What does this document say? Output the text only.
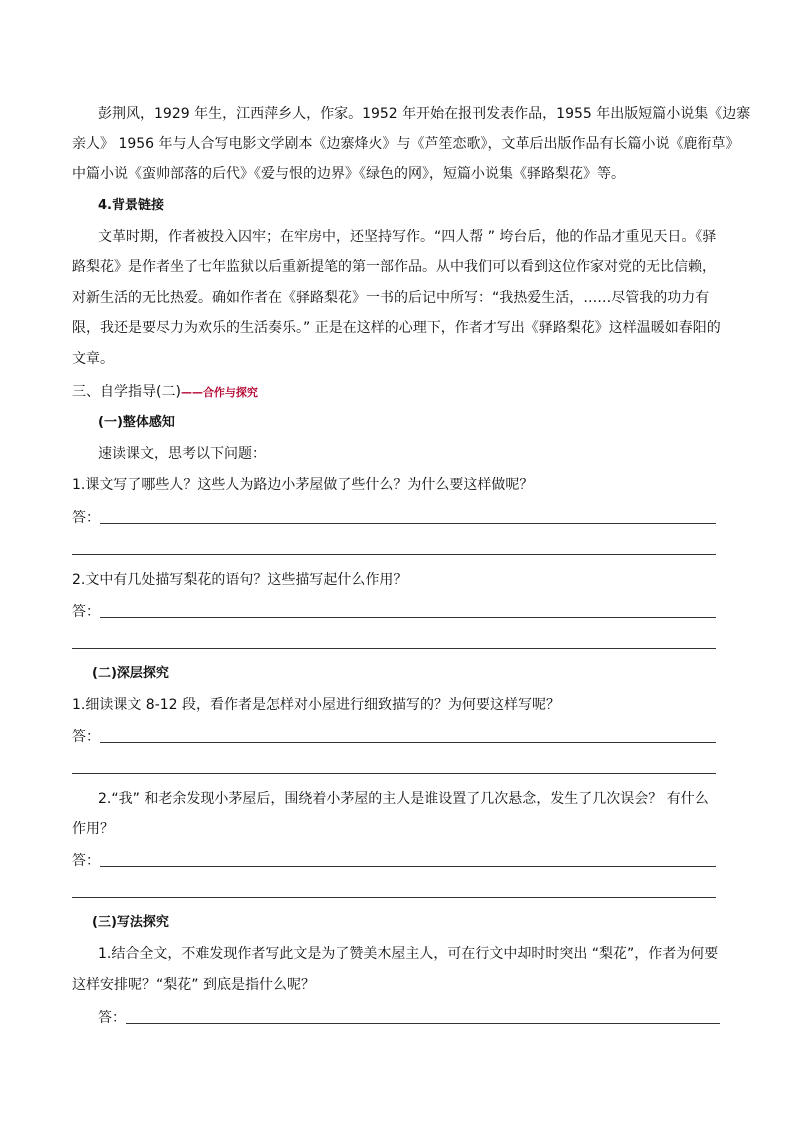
彭荆风，1929 年生，江西萍乡人，作家。1952 年开始在报刊发表作品，1955 年出版短篇小说集《边寨
亲人》 1956 年与人合写电影文学剧本《边寨烽火》与《芦笙恋歌》，文革后出版作品有长篇小说《鹿衔草》
中篇小说《蛮帅部落的后代》《爱与恨的边界》《绿色的网》，短篇小说集《驿路梨花》等。
4.背景链接
文革时期，作者被投入囚牢；在牢房中，还坚持写作。“四人帮 ” 垮台后，他的作品才重见天日。《驿
路梨花》是作者坐了七年监狱以后重新提笔的第一部作品。从中我们可以看到这位作家对党的无比信赖，
对新生活的无比热爱。确如作者在《驿路梨花》一书的后记中所写：“我热爱生活，……尽管我的功力有
限，我还是要尽力为欢乐的生活奏乐。” 正是在这样的心理下，作者才写出《驿路梨花》这样温暖如春阳的
文章。
三、自学指导(二)——合作与探究
(一)整体感知
速读课文，思考以下问题：
1.课文写了哪些人？这些人为路边小茅屋做了些什么？为什么要这样做呢？
答：
2.文中有几处描写梨花的语句？这些描写起什么作用？
答：
(二)深层探究
1.细读课文 8-12 段，看作者是怎样对小屋进行细致描写的？为何要这样写呢？
答：
2.“我” 和老余发现小茅屋后，围绕着小茅屋的主人是谁设置了几次悬念，发生了几次误会？ 有什么
作用？
答：
(三)写法探究
1.结合全文，不难发现作者写此文是为了赞美木屋主人，可在行文中却时时突出 “梨花”，作者为何要
这样安排呢？“梨花” 到底是指什么呢？
答：
